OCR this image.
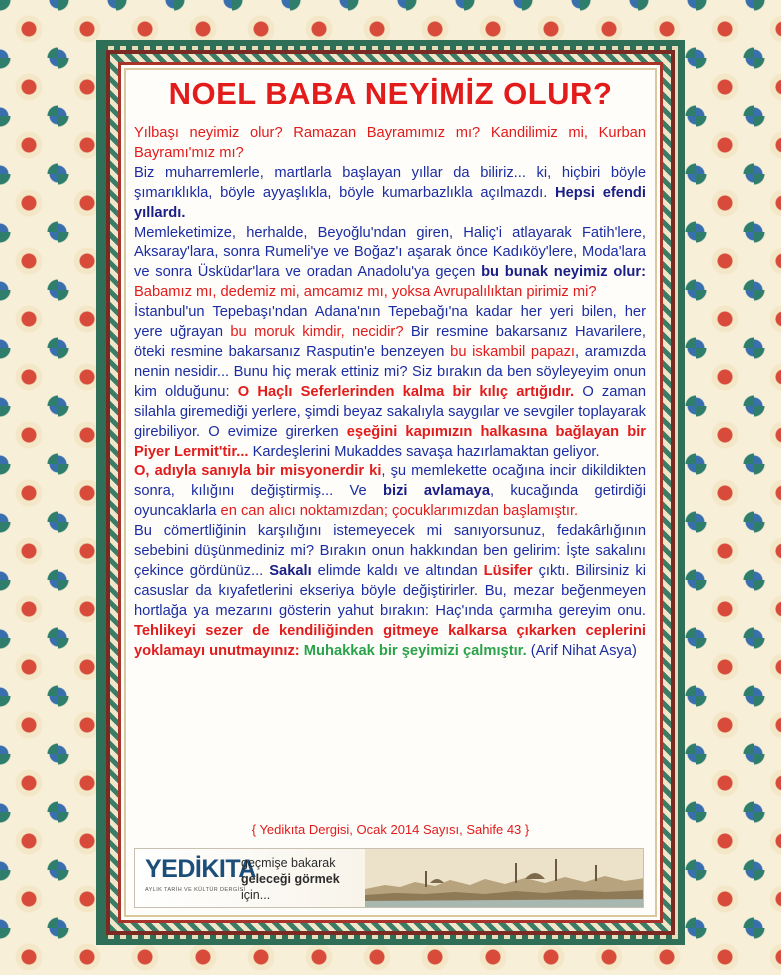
NOEL BABA NEYİMİZ OLUR?

Yılbaşı neyimiz olur? Ramazan Bayramımız mı? Kandilimiz mi, Kurban Bayramı'mız mı?

Biz muharremlerle, martlarla başlayan yıllar da biliriz... ki, hiçbiri böyle şımarıklıkla, böyle ayyaşlıkla, böyle kumarbazlıkla açılmazdı. Hepsi efendi yıllardı.

Memleketimize, herhalde, Beyoğlu'ndan giren, Haliç'i atlayarak Fatih'lere, Aksaray'lara, sonra Rumeli'ye ve Boğaz'ı aşarak önce Kadıköy'lere, Moda'lara ve sonra Üsküdar'lara ve oradan Anadolu'ya geçen bu bunak neyimiz olur: Babamız mı, dedemiz mi, amcamız mı, yoksa Avrupalılıktan pirimiz mi?

İstanbul'un Tepebaşı'ndan Adana'nın Tepebağı'na kadar her yeri bilen, her yere uğrayan bu moruk kimdir, necidir? Bir resmine bakarsanız Havarilere, öteki resmine bakarsanız Rasputin'e benzeyen bu iskambil papazı, aramızda nenin nesidir... Bunu hiç merak ettiniz mi? Siz bırakın da ben söyleyeyim onun kim olduğunu: O Haçlı Seferlerinden kalma bir kılıç artığıdır. O zaman silahla giremediği yerlere, şimdi beyaz sakalıyla saygılar ve sevgiler toplayarak girebiliyor. O evimize girerken eşeğini kapımızın halkasına bağlayan bir Piyer Lermit'tir... Kardeşlerini Mukaddes savaşa hazırlamaktan geliyor.

O, adıyla sanıyla bir misyonerdir ki, şu memlekette ocağına incir dikildikten sonra, kılığını değiştirmiş... Ve bizi avlamaya, kucağında getirdiği oyuncaklarla en can alıcı noktamızdan; çocuklarımızdan başlamıştır.

Bu cömertliğinin karşılığını istemeyecek mi sanıyorsunuz, fedakârlığının sebebini düşünmediniz mi? Bırakın onun hakkından ben gelirim: İşte sakalını çekince gördünüz... Sakalı elimde kaldı ve altından Lüsifer çıktı. Bilirsiniz ki casuslar da kıyafetlerini ekseriya böyle değiştirirler. Bu, mezar beğenmeyen hortlağa ya mezarını gösterin yahut bırakın: Haç'ında çarmıha gereyim onu. Tehlikeyi sezer de kendiliğinden gitmeye kalkarsa çıkarken ceplerini yoklamayı unutmayınız: Muhakkak bir şeyimizi çalmıştır. (Arif Nihat Asya)

{ Yedikıta Dergisi, Ocak 2014 Sayısı, Sahife 43 }
YEDİKITA
AYLIK TARİH VE KÜLTÜR DERGİSİ
geçmişe bakarak
geleceği görmek
için...
